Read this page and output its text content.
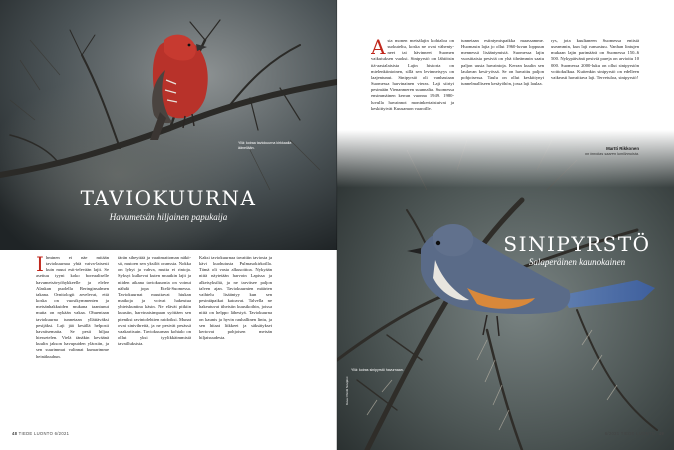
Yllä: koiraa taviokuurna kirkkaalla äänellään.
TAVIOKUURNA
Havumetsän hiljainen papukaija
Ihminen ei näe mitään taviokuurnaa yhtä vaiva-laisesti kuin muut esit-televään lajit. Se asettuu tyyni koko boreaaliselle havumetsävyöhykkeelle ja elelee Alaskan puolella Beringinsalmen takana. Ornitologit arvelevat, että koska on vuosikymmenten ja metsänhakkuiden mukana taantunut mutta on nykään vakaa. Ohuentaan taviokuurna tunnetaan yllättäväksi pesijäksi. Laji jää kesällä helposti havaitsematta. Se pesii hiljaa hiessetelen. Vielä tänäkin keväänä kuulin jakson havupuiden yläosiin, ja sen suurimmat valinnat kumarimme heinäkuuhun.
tärän siheyttää ja vaaitmattoman näkö-sä, mutoen sen yksilöt oranssia. Nokka on lyhyt ja vahva, mutta ei rintoja. Syksyt kulkevat kuten muutkin lajit ja niiden aikana taviokuurnia on voinut nähdä jopa Etelä-Suomessa. Taviokuurnat muuttavat hiukan matkoja ja voivat hakeutua yhteiskuntina käsin. Ne elävät pitkiin kuusiin, harvinaisimpaan syöttäen sen pieniksi ravintolehtien raidoiksi. Munat ovat sinivihreitä, ja ne pesivät pesässä vaakariisuin. Taviokuurnan kohtalo on ollut yksi tyylikkäimmistä tavailluksista.
Kaksi taviokuurnaa tavattiin taviosta ja kävi kuohutusta Pulmasokirkoilla. Tämä oli vasta alkusoittoa. Nykyään niitä näytetään harvoin Lapissa ja alkeisyksiltä, ja ne tarvitsee paljon talven ajan. Taviokuurnien määrien vaihtelu lisääntyy kun sen pesintäpaikat katoavat. Talvella ne hakeutuvat tiheisiin kuusikoihin, joissa niitä on helppo lähestyä. Taviokuurna on kaunis ja hyvin rauhallinen lintu, ja sen hitaat liikkeet ja säksätykset kertovat pohjoisen metsän hiljaisuudesta.
48 TIEDE LUONTO 6/2021
Asia monen metsälajin kohtaloa on surkuteltu, koska ne ovat vähenty-neet tai hävinneet Suomen vaikutuksen vuoksi. Sinipyrstö on lähtöisin itä-aasialaisista Lajin historia on mielenkiintoinen, sillä sen levinneisyys on laajentunut. Sinipyrstö oli vanhastaan Suomessa harvinainen vieras. Laji siirtyi pesimään Vienanmeren suunnalta. Suomessa ensimmäinen kerran vuonna 1949. 1980-luvulla havainnot moninkertaistuivat ja keskittyivät Kuusamon vaaroille.
tunnetaan esiintymispaikka maassamme. Huomasin lajia jo ollut 1960-luvun loppuun mennessä lisääntymistä. Suomessa lajin vuosittaisia pesiviä on yhä tiheämmin saatu paljon uusia havaintoja. Kerran kuulin sen laulavan kesä-yössä. Se on havaittu paljon pohjoisessa. Taulu on ollut keskittynyt tunnelmalliseen kesäyöhön, jossa laji laulaa.
rys, jota kuultaneen Suomessa entistä useammin, kun laji runsastuu. Vanhan lintujen mukaan lajin parimäärä on Suomessa 150–6 500. Nykypäivänä pesiviä pareja on arvioitu 10 000. Suomessa 2000-luku on ollut sinipyrstön voittokulkua. Kuitenkin sinipyrstö on edelleen vaikeasti havaittava laji. Tervetuloa, sinipyrstö!
Martti Rikkonen
on innokas saaren lumilinnuista.
SINIPYRSTÖ
Salaperäinen kaunokainen
Yllä: koiras sinipyrstö havurnaan.
Kuva: Pentti Sovijärvi
6/2021 TIEDE LUONTO 49
